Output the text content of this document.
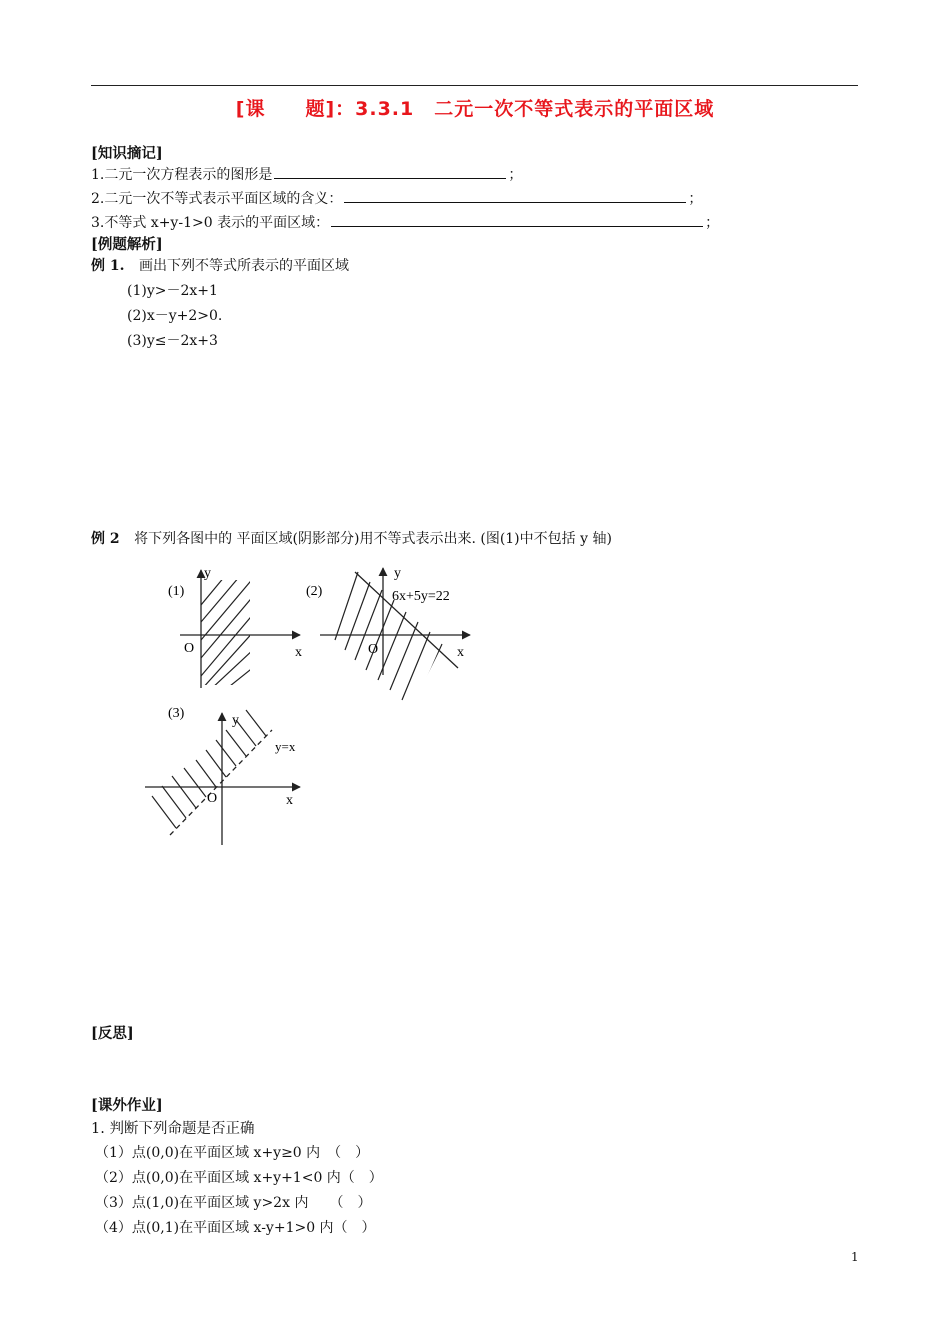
[课　　题]：3.3.1　二元一次不等式表示的平面区域
[知识摘记]
1.二元一次方程表示的图形是	；
2.二元一次不等式表示平面区域的含义：	；
3.不等式 x+y-1>0 表示的平面区域：	；
[例题解析]
例 1. 画出下列不等式所表示的平面区域
(1)y>－2x+1
(2)x－y+2>0.
(3)y≤－2x+3
例 2 将下列各图中的 平面区域(阴影部分)用不等式表示出来. (图(1)中不包括 y 轴)
(1)
y
x
O
(2)
y
6x+5y=22
x
O
(3)	y
y=x
x
O
[反思]
[课外作业]
1. 判断下列命题是否正确
（1）点(0,0)在平面区域 x+y≥0 内　（　）
（2）点(0,0)在平面区域 x+y+1<0 内（　）
（3）点(1,0)在平面区域 y>2x 内　　（　）
（4）点(0,1)在平面区域 x-y+1>0 内（　）
1
